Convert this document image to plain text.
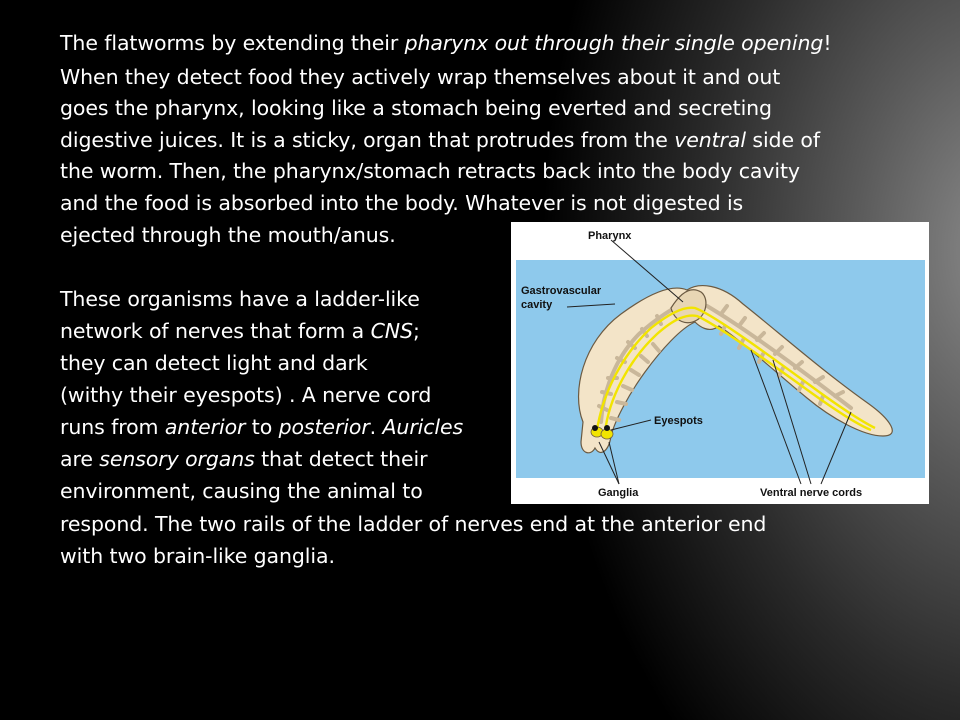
The flatworms by extending their pharynx out through their single opening!

When they detect food they actively wrap themselves about it and out

goes the pharynx, looking like a stomach being everted and secreting

digestive juices. It is a sticky, organ that protrudes from the ventral side of

the worm. Then, the pharynx/stomach retracts back into the body cavity

and the food is absorbed into the body. Whatever is not digested is

ejected through the mouth/anus.

These organisms have a ladder-like

network of nerves that form a CNS;

they can detect light and dark

(withy their eyespots) . A nerve cord

runs from anterior to posterior. Auricles

are sensory organs that detect their

environment, causing the animal to

respond. The two rails of the ladder of nerves end at the anterior end

with two brain-like ganglia.

Pharynx
Gastrovascular
cavity
Eyespots
Ganglia	Ventral nerve cords
